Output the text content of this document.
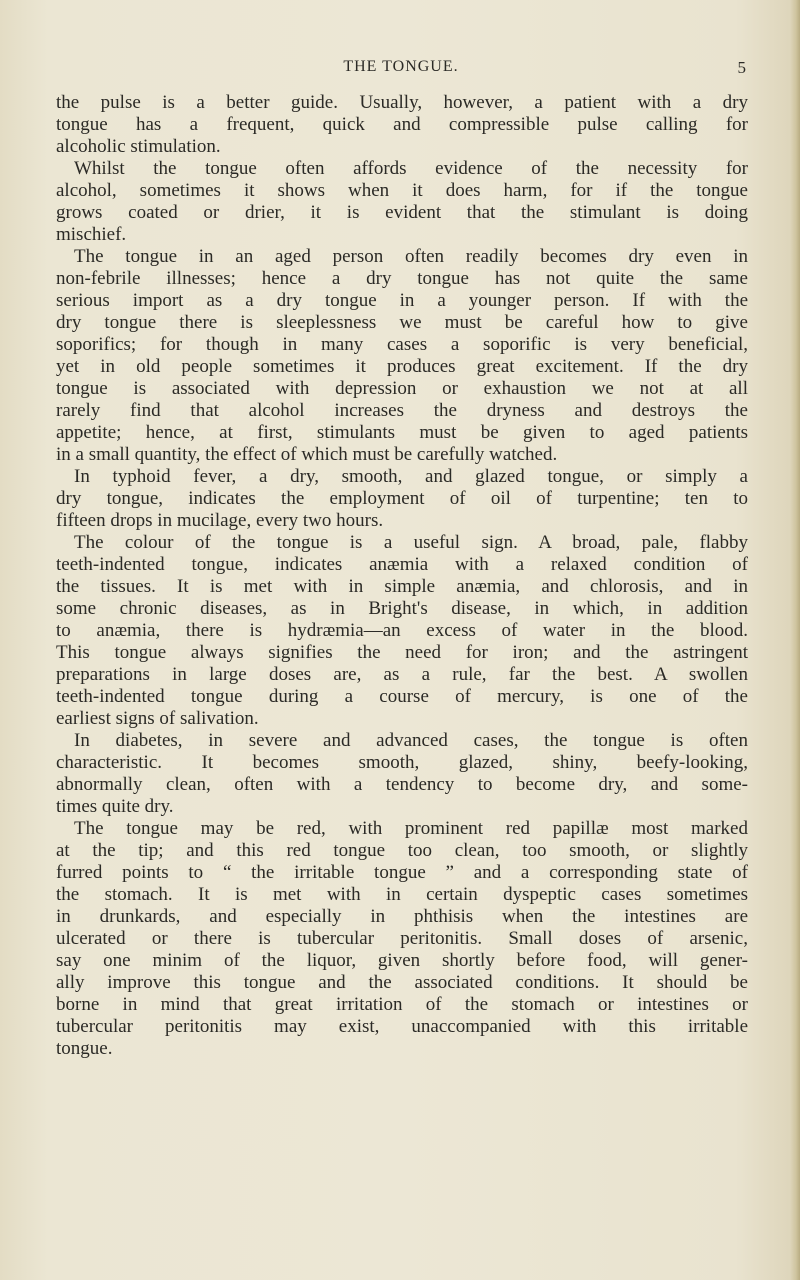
THE TONGUE.	5
the pulse is a better guide. Usually, however, a patient with a dry
tongue has a frequent, quick and compressible pulse calling for
alcoholic stimulation.
Whilst the tongue often affords evidence of the necessity for
alcohol, sometimes it shows when it does harm, for if the tongue
grows coated or drier, it is evident that the stimulant is doing
mischief.
The tongue in an aged person often readily becomes dry even in
non-febrile illnesses; hence a dry tongue has not quite the same
serious import as a dry tongue in a younger person. If with the
dry tongue there is sleeplessness we must be careful how to give
soporifics; for though in many cases a soporific is very beneficial,
yet in old people sometimes it produces great excitement. If the dry
tongue is associated with depression or exhaustion we not at all
rarely find that alcohol increases the dryness and destroys the
appetite; hence, at first, stimulants must be given to aged patients
in a small quantity, the effect of which must be carefully watched.
In typhoid fever, a dry, smooth, and glazed tongue, or simply a
dry tongue, indicates the employment of oil of turpentine; ten to
fifteen drops in mucilage, every two hours.
The colour of the tongue is a useful sign. A broad, pale, flabby
teeth-indented tongue, indicates anæmia with a relaxed condition of
the tissues. It is met with in simple anæmia, and chlorosis, and in
some chronic diseases, as in Bright's disease, in which, in addition
to anæmia, there is hydræmia—an excess of water in the blood.
This tongue always signifies the need for iron; and the astringent
preparations in large doses are, as a rule, far the best. A swollen
teeth-indented tongue during a course of mercury, is one of the
earliest signs of salivation.
In diabetes, in severe and advanced cases, the tongue is often
characteristic. It becomes smooth, glazed, shiny, beefy-looking,
abnormally clean, often with a tendency to become dry, and some-
times quite dry.
The tongue may be red, with prominent red papillæ most marked
at the tip; and this red tongue too clean, too smooth, or slightly
furred points to “ the irritable tongue ” and a corresponding state of
the stomach. It is met with in certain dyspeptic cases sometimes
in drunkards, and especially in phthisis when the intestines are
ulcerated or there is tubercular peritonitis. Small doses of arsenic,
say one minim of the liquor, given shortly before food, will gener-
ally improve this tongue and the associated conditions. It should be
borne in mind that great irritation of the stomach or intestines or
tubercular peritonitis may exist, unaccompanied with this irritable
tongue.
